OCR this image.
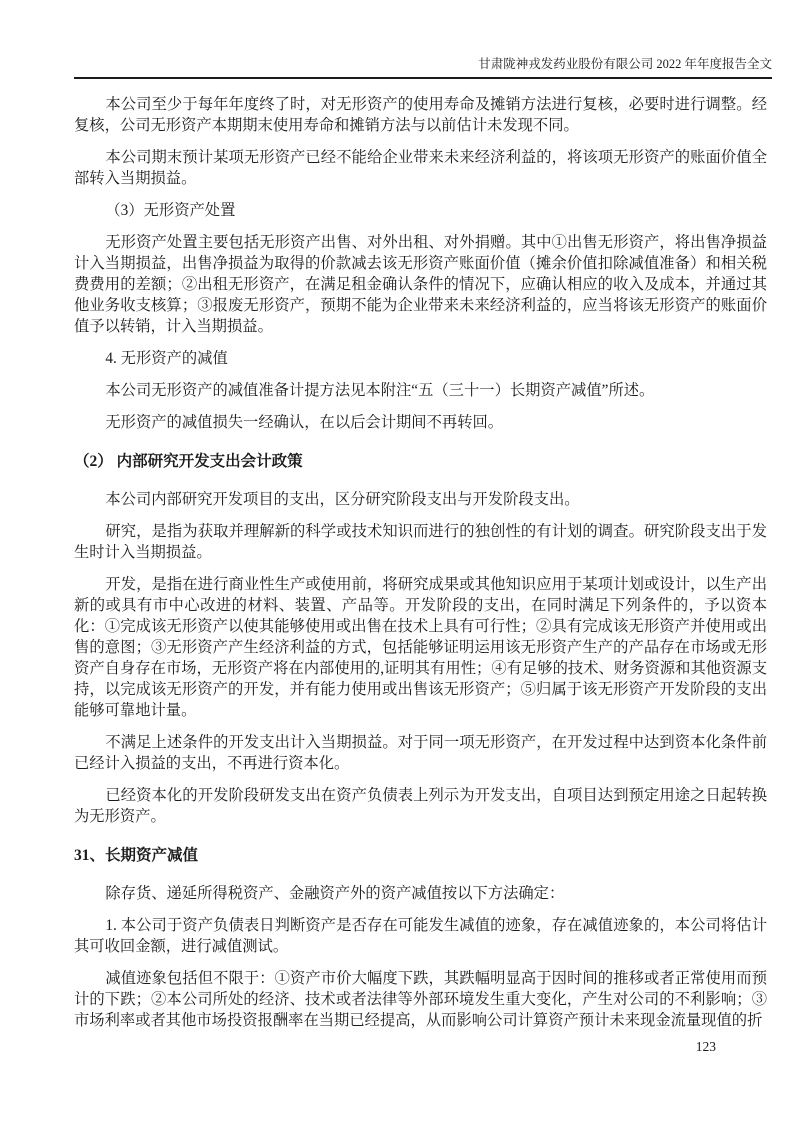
甘肃陇神戎发药业股份有限公司 2022 年年度报告全文

本公司至少于每年年度终了时，对无形资产的使用寿命及摊销方法进行复核，必要时进行调整。经复核，公司无形资产本期期末使用寿命和摊销方法与以前估计未发现不同。

本公司期末预计某项无形资产已经不能给企业带来未来经济利益的，将该项无形资产的账面价值全部转入当期损益。

（3）无形资产处置

无形资产处置主要包括无形资产出售、对外出租、对外捐赠。其中①出售无形资产，将出售净损益计入当期损益，出售净损益为取得的价款减去该无形资产账面价值（摊余价值扣除减值准备）和相关税费费用的差额；②出租无形资产，在满足租金确认条件的情况下，应确认相应的收入及成本，并通过其他业务收支核算；③报废无形资产，预期不能为企业带来未来经济利益的，应当将该无形资产的账面价值予以转销，计入当期损益。

4. 无形资产的减值

本公司无形资产的减值准备计提方法见本附注“五（三十一）长期资产减值”所述。

无形资产的减值损失一经确认，在以后会计期间不再转回。

（2） 内部研究开发支出会计政策

本公司内部研究开发项目的支出，区分研究阶段支出与开发阶段支出。

研究，是指为获取并理解新的科学或技术知识而进行的独创性的有计划的调查。研究阶段支出于发生时计入当期损益。

开发，是指在进行商业性生产或使用前，将研究成果或其他知识应用于某项计划或设计，以生产出新的或具有市中心改进的材料、装置、产品等。开发阶段的支出，在同时满足下列条件的，予以资本化：①完成该无形资产以使其能够使用或出售在技术上具有可行性；②具有完成该无形资产并使用或出售的意图；③无形资产产生经济利益的方式，包括能够证明运用该无形资产生产的产品存在市场或无形资产自身存在市场，无形资产将在内部使用的,证明其有用性；④有足够的技术、财务资源和其他资源支持，以完成该无形资产的开发，并有能力使用或出售该无形资产；⑤归属于该无形资产开发阶段的支出能够可靠地计量。

不满足上述条件的开发支出计入当期损益。对于同一项无形资产，在开发过程中达到资本化条件前已经计入损益的支出，不再进行资本化。

已经资本化的开发阶段研发支出在资产负债表上列示为开发支出，自项目达到预定用途之日起转换为无形资产。

31、长期资产减值

除存货、递延所得税资产、金融资产外的资产减值按以下方法确定：

1. 本公司于资产负债表日判断资产是否存在可能发生减值的迹象，存在减值迹象的，本公司将估计其可收回金额，进行减值测试。

减值迹象包括但不限于：①资产市价大幅度下跌，其跌幅明显高于因时间的推移或者正常使用而预计的下跌；②本公司所处的经济、技术或者法律等外部环境发生重大变化，产生对公司的不利影响；③市场利率或者其他市场投资报酬率在当期已经提高，从而影响公司计算资产预计未来现金流量现值的折

123
